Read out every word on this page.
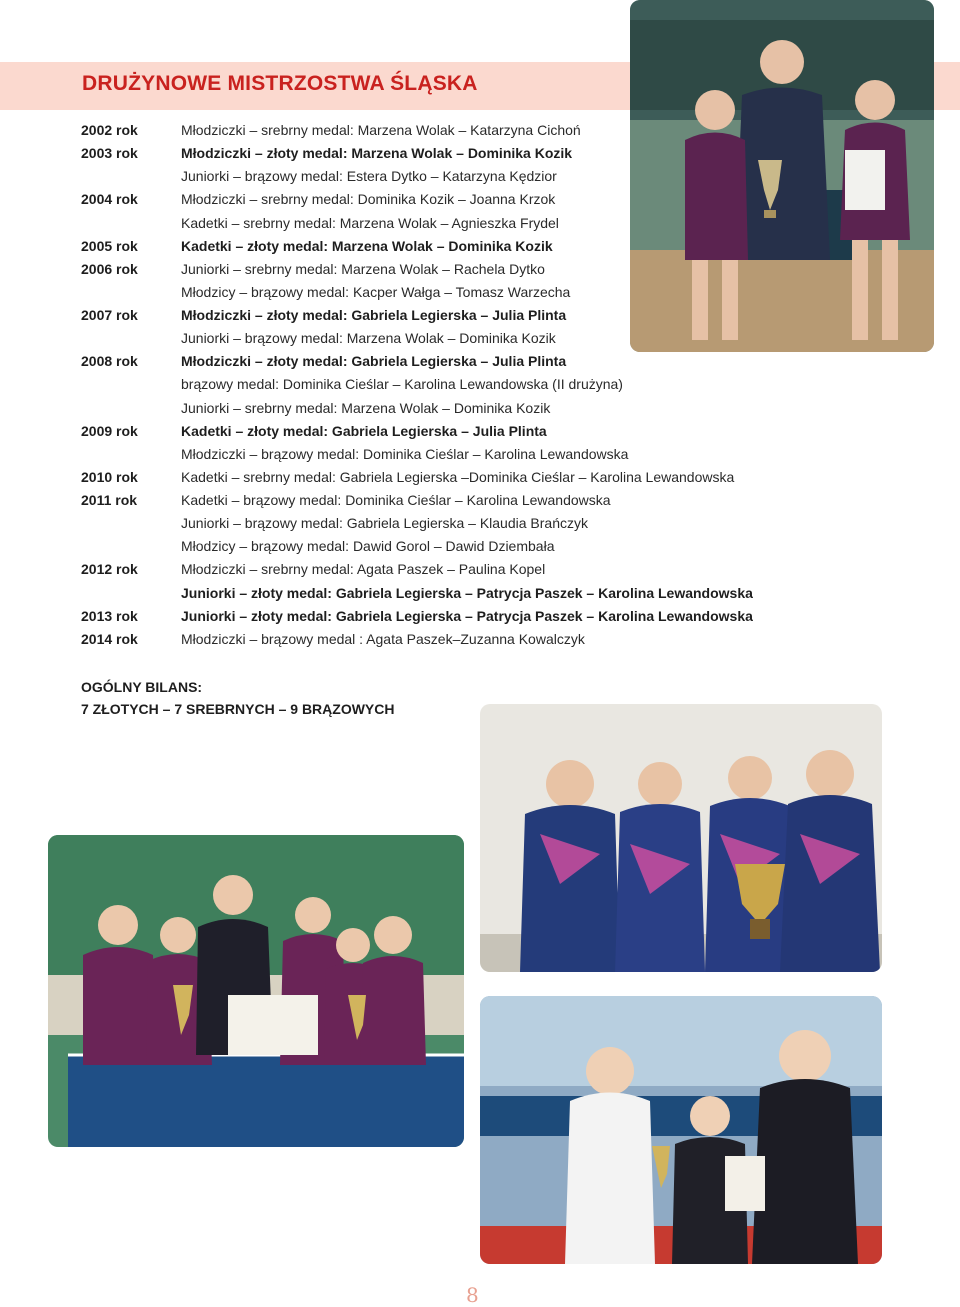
DRUŻYNOWE MISTRZOSTWA ŚLĄSKA
2002 rok	Młodziczki – srebrny medal: Marzena Wolak – Katarzyna Cichoń
2003 rok	Młodziczki – złoty medal: Marzena Wolak – Dominika Kozik
Juniorki – brązowy medal: Estera Dytko – Katarzyna Kędzior
2004 rok	Młodziczki – srebrny medal: Dominika Kozik – Joanna Krzok
Kadetki – srebrny medal: Marzena Wolak – Agnieszka Frydel
2005 rok	Kadetki – złoty medal: Marzena Wolak – Dominika Kozik
2006 rok	Juniorki – srebrny medal: Marzena Wolak – Rachela Dytko
Młodzicy – brązowy medal: Kacper Wałga – Tomasz Warzecha
2007 rok	Młodziczki – złoty medal: Gabriela Legierska – Julia Plinta
Juniorki – brązowy medal: Marzena Wolak – Dominika Kozik
2008 rok	Młodziczki – złoty medal: Gabriela Legierska – Julia Plinta
brązowy medal: Dominika Cieślar – Karolina Lewandowska (II drużyna)
Juniorki – srebrny medal: Marzena Wolak – Dominika Kozik
2009 rok	Kadetki – złoty medal: Gabriela Legierska – Julia Plinta
Młodziczki – brązowy medal: Dominika Cieślar – Karolina Lewandowska
2010 rok	Kadetki – srebrny medal: Gabriela Legierska –Dominika Cieślar – Karolina Lewandowska
2011 rok	Kadetki – brązowy medal: Dominika Cieślar – Karolina Lewandowska
Juniorki – brązowy medal: Gabriela Legierska – Klaudia Brańczyk
Młodzicy – brązowy medal: Dawid Gorol – Dawid Dziembała
2012 rok	Młodziczki – srebrny medal: Agata Paszek – Paulina Kopel
Juniorki – złoty medal: Gabriela Legierska – Patrycja Paszek – Karolina Lewandowska
2013 rok	Juniorki – złoty medal: Gabriela Legierska – Patrycja Paszek – Karolina Lewandowska
2014 rok	Młodziczki – brązowy medal : Agata Paszek–Zuzanna Kowalczyk
OGÓLNY BILANS:
7 ZŁOTYCH – 7 SREBRNYCH – 9 BRĄZOWYCH
8
